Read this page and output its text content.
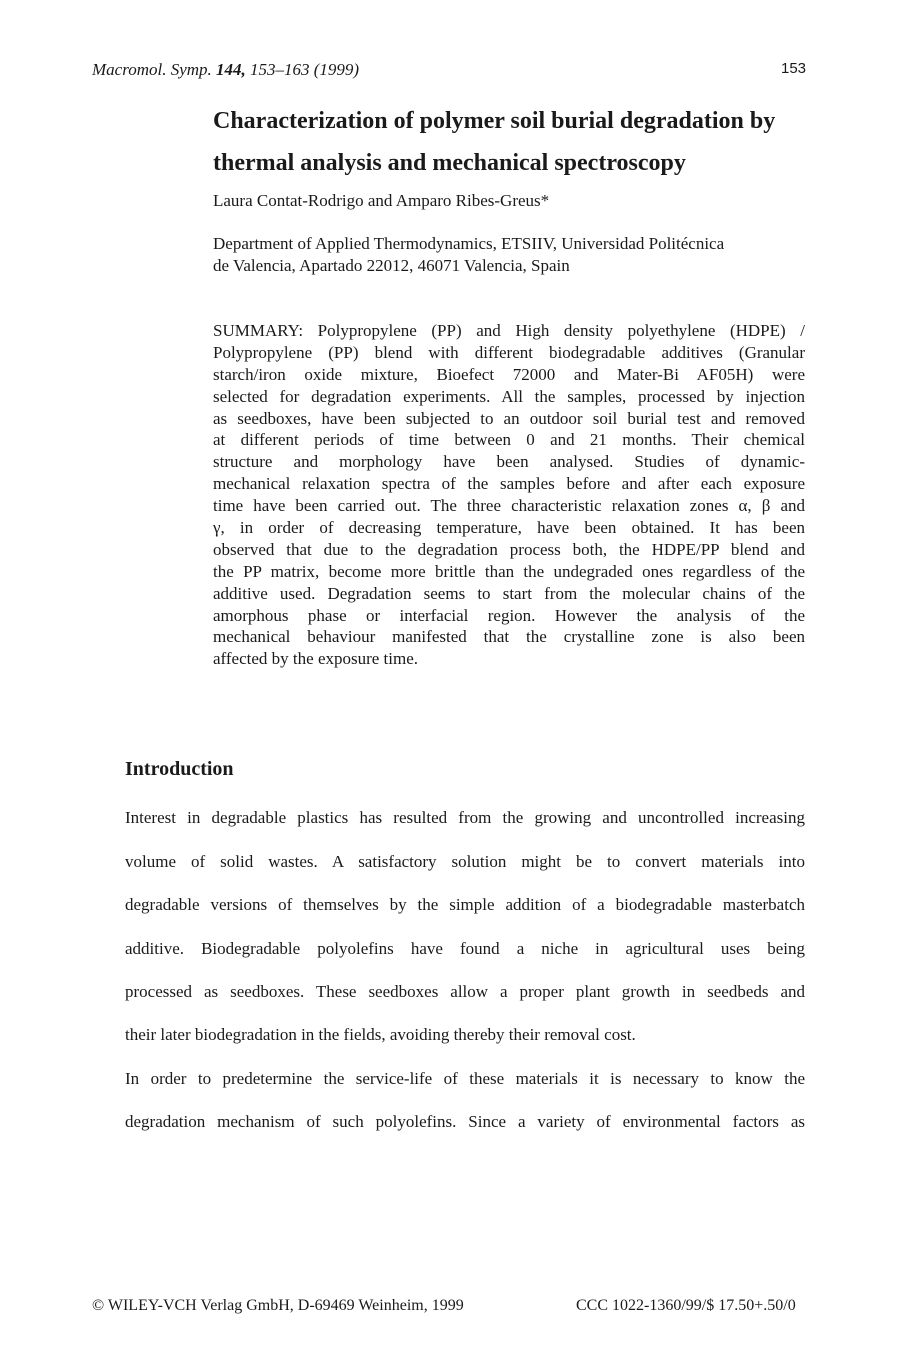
Macromol. Symp. 144, 153–163 (1999)	153
Characterization of polymer soil burial degradation by
thermal analysis and mechanical spectroscopy
Laura Contat-Rodrigo and Amparo Ribes-Greus*
Department of Applied Thermodynamics, ETSIIV, Universidad Politécnica
de Valencia, Apartado 22012, 46071 Valencia, Spain
SUMMARY: Polypropylene (PP) and High density polyethylene (HDPE) /
Polypropylene (PP) blend with different biodegradable additives (Granular
starch/iron oxide mixture, Bioefect 72000 and Mater-Bi AF05H) were
selected for degradation experiments. All the samples, processed by injection
as seedboxes, have been subjected to an outdoor soil burial test and removed
at different periods of time between 0 and 21 months. Their chemical
structure and morphology have been analysed. Studies of dynamic-
mechanical relaxation spectra of the samples before and after each exposure
time have been carried out. The three characteristic relaxation zones α, β and
γ, in order of decreasing temperature, have been obtained. It has been
observed that due to the degradation process both, the HDPE/PP blend and
the PP matrix, become more brittle than the undegraded ones regardless of the
additive used. Degradation seems to start from the molecular chains of the
amorphous phase or interfacial region. However the analysis of the
mechanical behaviour manifested that the crystalline zone is also been
affected by the exposure time.
Introduction
Interest in degradable plastics has resulted from the growing and uncontrolled increasing
volume of solid wastes. A satisfactory solution might be to convert materials into
degradable versions of themselves by the simple addition of a biodegradable masterbatch
additive. Biodegradable polyolefins have found a niche in agricultural uses being
processed as seedboxes. These seedboxes allow a proper plant growth in seedbeds and
their later biodegradation in the fields, avoiding thereby their removal cost.
In order to predetermine the service-life of these materials it is necessary to know the
degradation mechanism of such polyolefins. Since a variety of environmental factors as
© WILEY-VCH Verlag GmbH, D-69469 Weinheim, 1999	CCC 1022-1360/99/$ 17.50+.50/0
